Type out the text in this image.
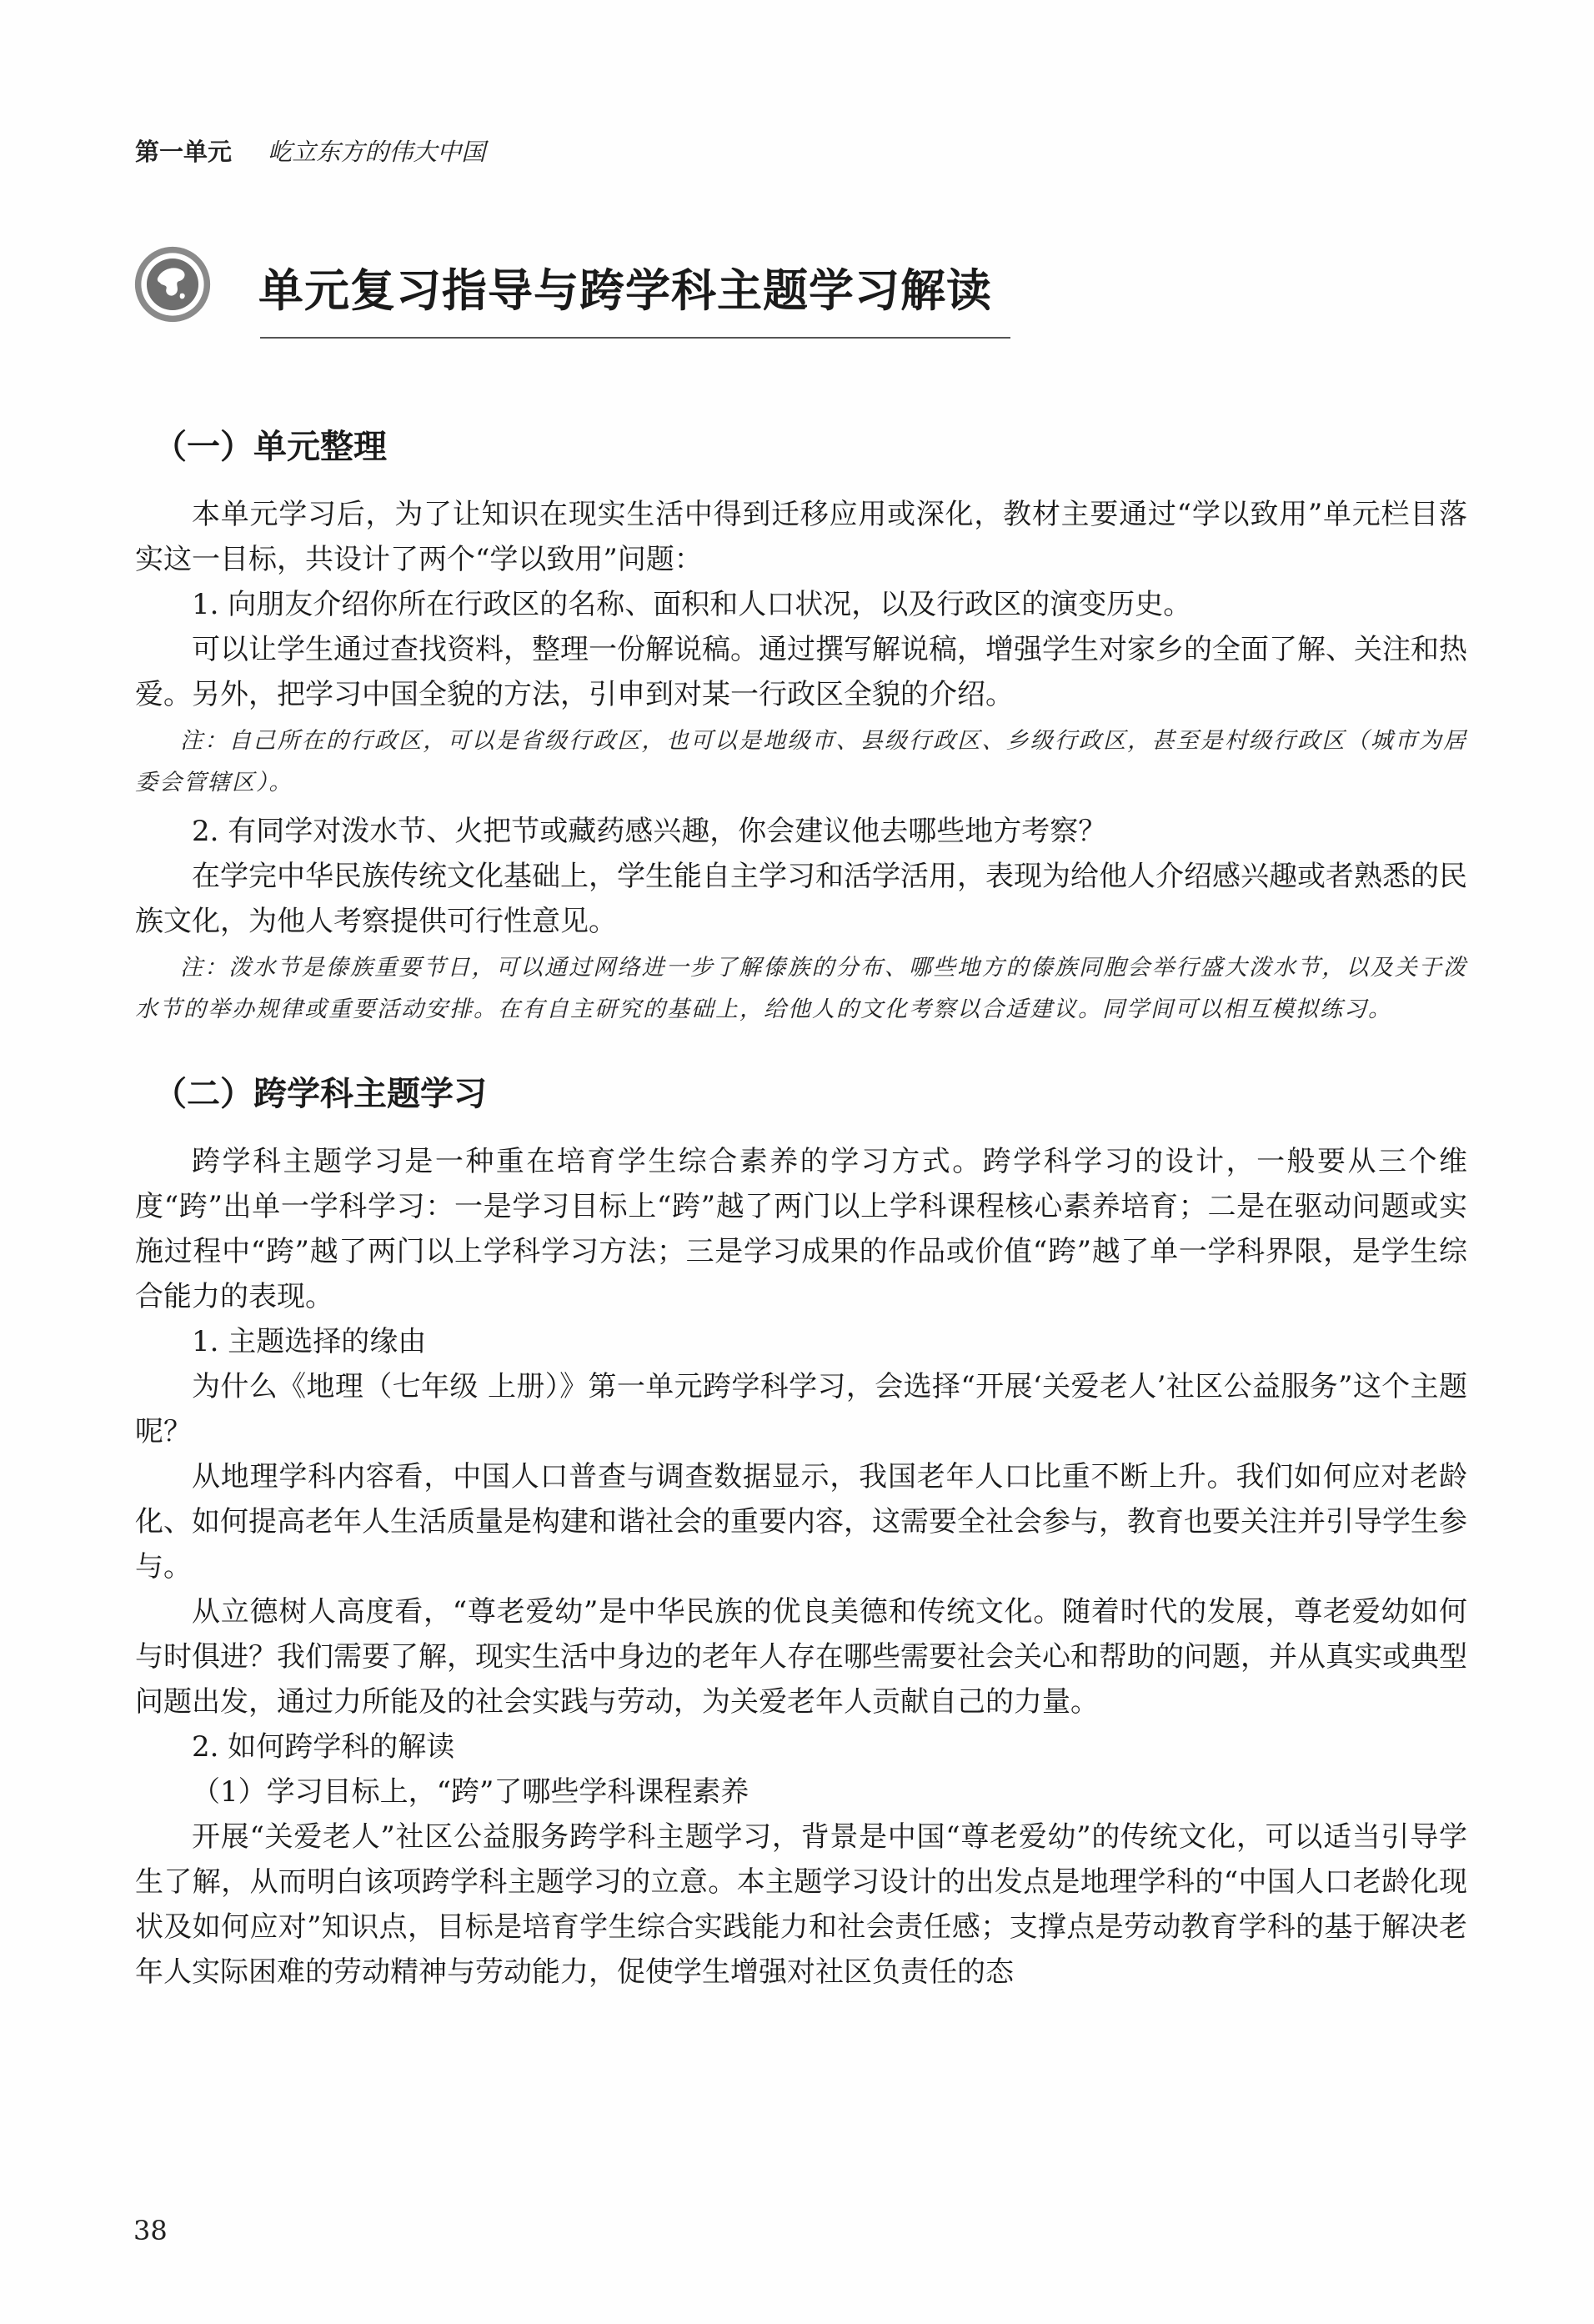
第一单元 屹立东方的伟大中国
单元复习指导与跨学科主题学习解读
（一）单元整理

本单元学习后，为了让知识在现实生活中得到迁移应用或深化，教材主要通过“学以致用”单元栏目落实这一目标，共设计了两个“学以致用”问题：

1. 向朋友介绍你所在行政区的名称、面积和人口状况，以及行政区的演变历史。

可以让学生通过查找资料，整理一份解说稿。通过撰写解说稿，增强学生对家乡的全面了解、关注和热爱。另外，把学习中国全貌的方法，引申到对某一行政区全貌的介绍。

注：自己所在的行政区，可以是省级行政区，也可以是地级市、县级行政区、乡级行政区，甚至是村级行政区（城市为居委会管辖区）。

2. 有同学对泼水节、火把节或藏药感兴趣，你会建议他去哪些地方考察？

在学完中华民族传统文化基础上，学生能自主学习和活学活用，表现为给他人介绍感兴趣或者熟悉的民族文化，为他人考察提供可行性意见。

注：泼水节是傣族重要节日，可以通过网络进一步了解傣族的分布、哪些地方的傣族同胞会举行盛大泼水节，以及关于泼水节的举办规律或重要活动安排。在有自主研究的基础上，给他人的文化考察以合适建议。同学间可以相互模拟练习。

（二）跨学科主题学习

跨学科主题学习是一种重在培育学生综合素养的学习方式。跨学科学习的设计，一般要从三个维度“跨”出单一学科学习：一是学习目标上“跨”越了两门以上学科课程核心素养培育；二是在驱动问题或实施过程中“跨”越了两门以上学科学习方法；三是学习成果的作品或价值“跨”越了单一学科界限，是学生综合能力的表现。

1. 主题选择的缘由

为什么《地理（七年级 上册）》第一单元跨学科学习，会选择“开展‘关爱老人’社区公益服务”这个主题呢？

从地理学科内容看，中国人口普查与调查数据显示，我国老年人口比重不断上升。我们如何应对老龄化、如何提高老年人生活质量是构建和谐社会的重要内容，这需要全社会参与，教育也要关注并引导学生参与。

从立德树人高度看，“尊老爱幼”是中华民族的优良美德和传统文化。随着时代的发展，尊老爱幼如何与时俱进？我们需要了解，现实生活中身边的老年人存在哪些需要社会关心和帮助的问题，并从真实或典型问题出发，通过力所能及的社会实践与劳动，为关爱老年人贡献自己的力量。

2. 如何跨学科的解读

（1）学习目标上，“跨”了哪些学科课程素养

开展“关爱老人”社区公益服务跨学科主题学习，背景是中国“尊老爱幼”的传统文化，可以适当引导学生了解，从而明白该项跨学科主题学习的立意。本主题学习设计的出发点是地理学科的“中国人口老龄化现状及如何应对”知识点，目标是培育学生综合实践能力和社会责任感；支撑点是劳动教育学科的基于解决老年人实际困难的劳动精神与劳动能力，促使学生增强对社区负责任的态

38
